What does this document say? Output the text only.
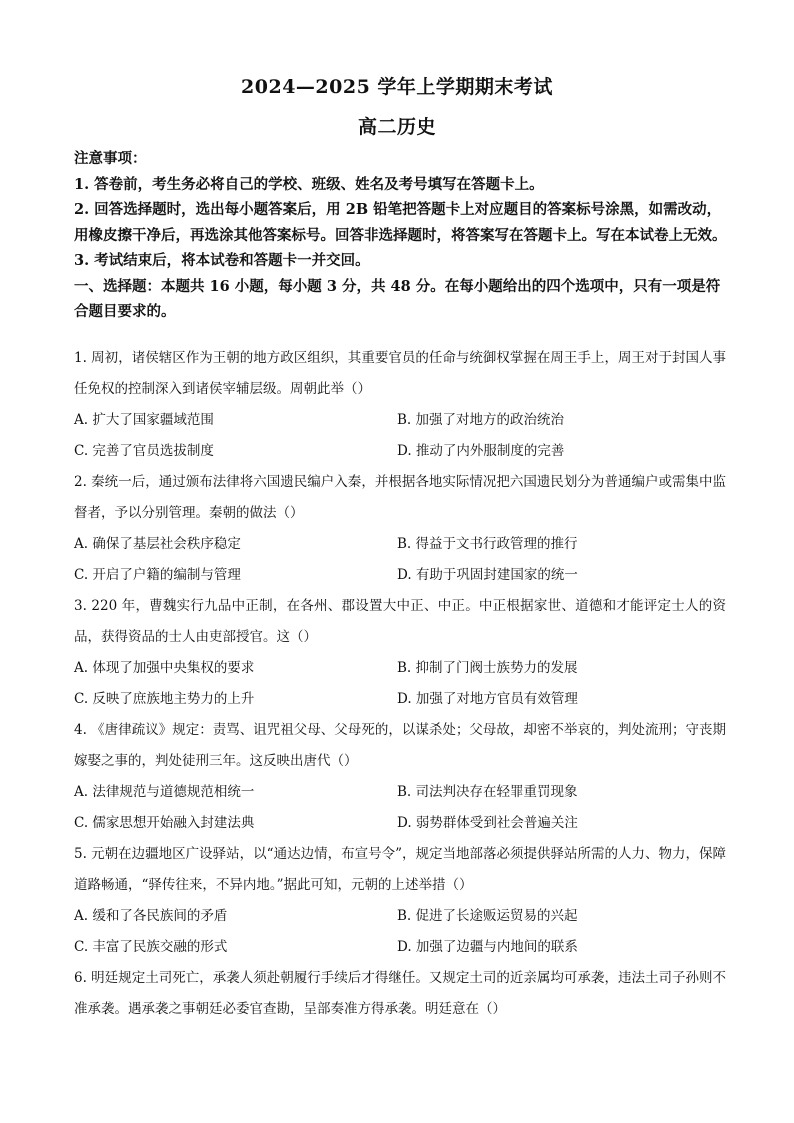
2024—2025 学年上学期期末考试
高二历史

注意事项：

1. 答卷前，考生务必将自己的学校、班级、姓名及考号填写在答题卡上。

2. 回答选择题时，选出每小题答案后，用 2B 铅笔把答题卡上对应题目的答案标号涂黑，如需改动，用橡皮擦干净后，再选涂其他答案标号。回答非选择题时，将答案写在答题卡上。写在本试卷上无效。

3. 考试结束后，将本试卷和答题卡一并交回。

一、选择题：本题共 16 小题，每小题 3 分，共 48 分。在每小题给出的四个选项中，只有一项是符合题目要求的。

1. 周初，诸侯辖区作为王朝的地方政区组织，其重要官员的任命与统御权掌握在周王手上，周王对于封国人事任免权的控制深入到诸侯宰辅层级。周朝此举（）

A. 扩大了国家疆域范围	B. 加强了对地方的政治统治
C. 完善了官员选拔制度	D. 推动了内外服制度的完善

2. 秦统一后，通过颁布法律将六国遗民编户入秦，并根据各地实际情况把六国遗民划分为普通编户或需集中监督者，予以分别管理。秦朝的做法（）

A. 确保了基层社会秩序稳定	B. 得益于文书行政管理的推行
C. 开启了户籍的编制与管理	D. 有助于巩固封建国家的统一

3. 220 年，曹魏实行九品中正制，在各州、郡设置大中正、中正。中正根据家世、道德和才能评定士人的资品，获得资品的士人由吏部授官。这（）

A. 体现了加强中央集权的要求	B. 抑制了门阀士族势力的发展
C. 反映了庶族地主势力的上升	D. 加强了对地方官员有效管理

4. 《唐律疏议》规定：责骂、诅咒祖父母、父母死的，以谋杀处；父母故，却密不举哀的，判处流刑；守丧期嫁娶之事的，判处徒刑三年。这反映出唐代（）

A. 法律规范与道德规范相统一	B. 司法判决存在轻罪重罚现象
C. 儒家思想开始融入封建法典	D. 弱势群体受到社会普遍关注

5. 元朝在边疆地区广设驿站，以“通达边情，布宣号令”，规定当地部落必须提供驿站所需的人力、物力，保障道路畅通，“驿传往来，不异内地。”据此可知，元朝的上述举措（）

A. 缓和了各民族间的矛盾	B. 促进了长途贩运贸易的兴起
C. 丰富了民族交融的形式	D. 加强了边疆与内地间的联系

6. 明廷规定土司死亡，承袭人须赴朝履行手续后才得继任。又规定土司的近亲属均可承袭，违法土司子孙则不准承袭。遇承袭之事朝廷必委官查勘，呈部奏准方得承袭。明廷意在（）
